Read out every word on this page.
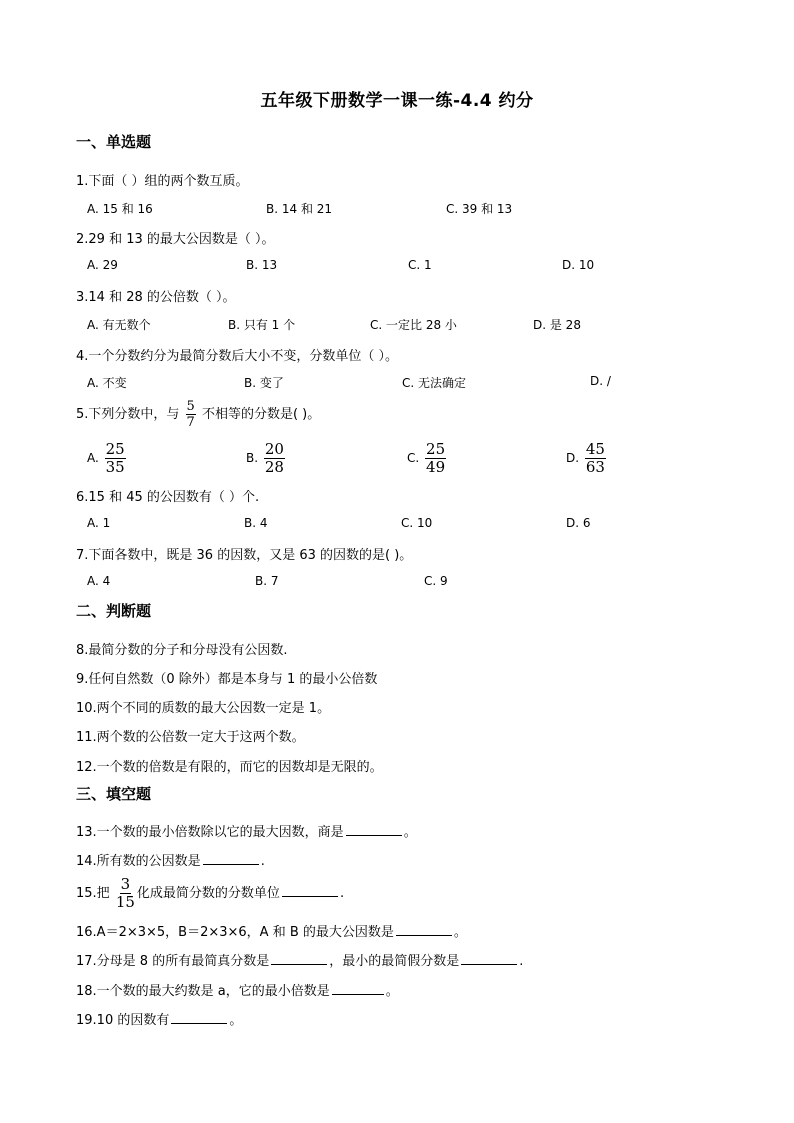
五年级下册数学一课一练-4.4 约分
一、单选题
1.下面（ ）组的两个数互质。
A. 15 和 16	B. 14 和 21	C. 39 和 13
2.29 和 13 的最大公因数是（ ）。
A. 29	B. 13	C. 1	D. 10
3.14 和 28 的公倍数（ ）。
A. 有无数个	B. 只有 1 个	C. 一定比 28 小	D. 是 28
4.一个分数约分为最简分数后大小不变，分数单位（ ）。
A. 不变	B. 变了	C. 无法确定	D. /
5.下列分数中，与 $\frac{5}{7}$ 不相等的分数是( )。
A. $\frac{25}{35}$	B. $\frac{20}{28}$	C. $\frac{25}{49}$	D. $\frac{45}{63}$
6.15 和 45 的公因数有（ ）个.
A. 1	B. 4	C. 10	D. 6
7.下面各数中，既是 36 的因数，又是 63 的因数的是( )。
A. 4	B. 7	C. 9
二、判断题
8.最简分数的分子和分母没有公因数.
9.任何自然数（0 除外）都是本身与 1 的最小公倍数
10.两个不同的质数的最大公因数一定是 1。
11.两个数的公倍数一定大于这两个数。
12.一个数的倍数是有限的，而它的因数却是无限的。
三、填空题
13.一个数的最小倍数除以它的最大因数，商是	。
14.所有数的公因数是	.
15.把 $\frac{3}{15}$ 化成最简分数的分数单位	.
16.A＝2×3×5，B＝2×3×6，A 和 B 的最大公因数是	。
17.分母是 8 的所有最简真分数是	，最小的最简假分数是	.
18.一个数的最大约数是 a，它的最小倍数是	。
19.10 的因数有	。
